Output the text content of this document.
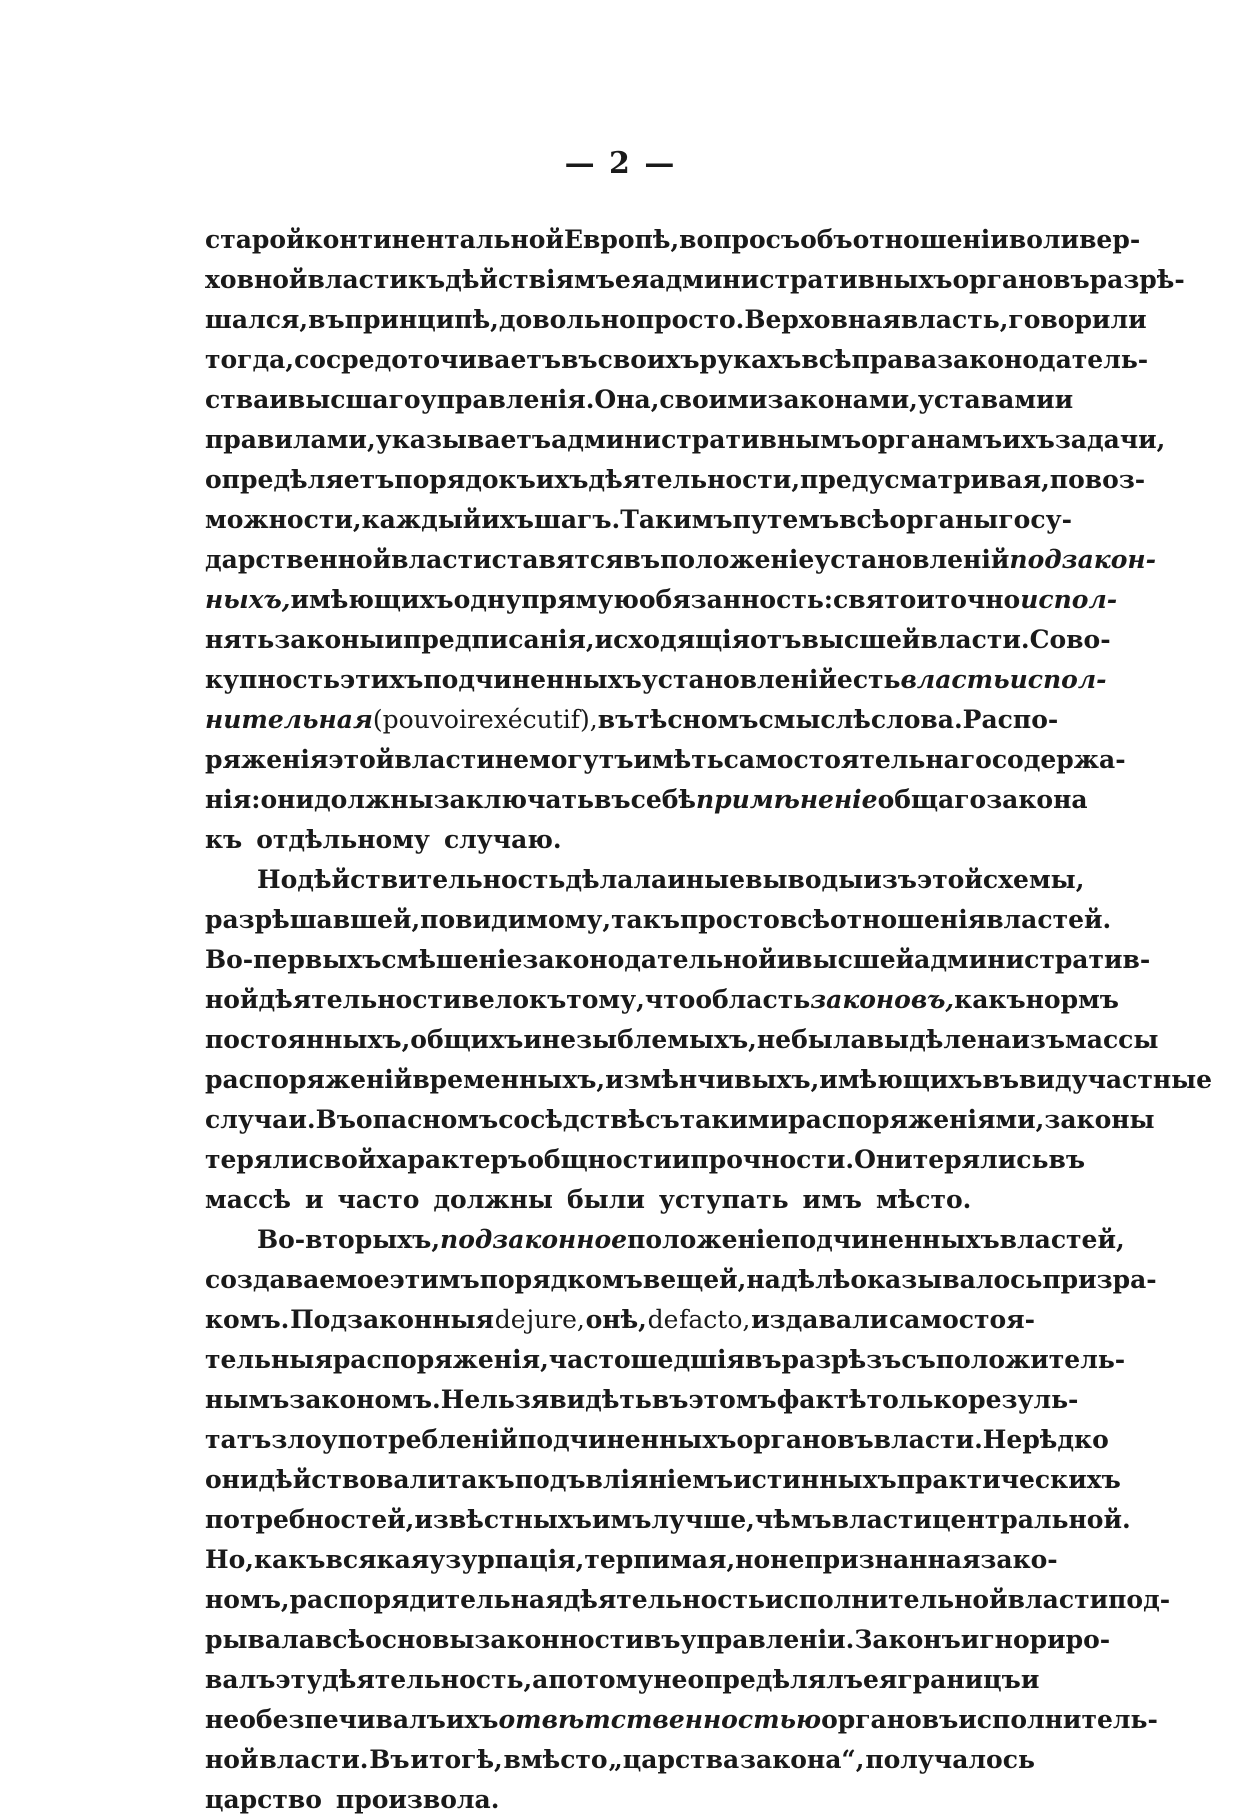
— 2 —
старой континентальной Европѣ, вопросъ объ отношеніи воли вер-
ховной власти къ дѣйствіямъ ея административныхъ органовъ разрѣ-
шался, въ принципѣ, довольно просто. Верховная власть, говорили
тогда, сосредоточиваетъ въ своихъ рукахъ всѣ права законодатель-
ства и высшаго управленія. Она, своими законами, уставами и
правилами, указываетъ административнымъ органамъ ихъ задачи,
опредѣляетъ порядокъ ихъ дѣятельности, предусматривая, по воз-
можности, каждый ихъ шагъ. Такимъ путемъ всѣ органы госу-
дарственной власти ставятся въ положеніе установленій подзакон-
ныхъ, имѣющихъ одну прямую обязанность: свято и точно испол-
нять законы и предписанія, исходящія отъ высшей власти. Сово-
купность этихъ подчиненныхъ установленій есть власть испол-
нительная (pouvoir exécutif), въ тѣсномъ смыслѣ слова. Распо-
ряженія этой власти не могутъ имѣть самостоятельнаго содержа-
нія: они должны заключать въ себѣ примѣненіе общаго закона
къ отдѣльному случаю.
Но дѣйствительность дѣлала иные выводы изъ этой схемы,
разрѣшавшей, повидимому, такъ просто всѣ отношенія властей.
Во-первыхъ смѣшеніе законодательной и высшей административ-
ной дѣятельности вело къ тому, что область законовъ, какъ нормъ
постоянныхъ, общихъ и незыблемыхъ, не была выдѣлена изъ массы
распоряженій временныхъ, измѣнчивыхъ, имѣющихъ въ виду частные
случаи. Въ опасномъ сосѣдствѣ съ такими распоряженіями, законы
теряли свой характеръ общности и прочности. Они терялись въ
массѣ и часто должны были уступать имъ мѣсто.
Во-вторыхъ, подзаконное положеніе подчиненныхъ властей,
создаваемое этимъ порядкомъ вещей, на дѣлѣ оказывалось призра-
комъ. Подзаконныя de jure, онѣ, de facto, издавали самостоя-
тельныя распоряженія, часто шедшія въ разрѣзъ съ положитель-
нымъ закономъ. Нельзя видѣть въ этомъ фактѣ только резуль-
татъ злоупотребленій подчиненныхъ органовъ власти. Нерѣдко
они дѣйствовали такъ подъ вліяніемъ истинныхъ практическихъ
потребностей, извѣстныхъ имъ лучше, чѣмъ власти центральной.
Но, какъ всякая узурпація, терпимая, но не признанная зако-
номъ, распорядительная дѣятельность исполнительной власти под-
рывала всѣ основы законности въ управленіи. Законъ игнориро-
валъ эту дѣятельность, а потому не опредѣлялъ ея границъ и
не обезпечивалъ ихъ отвѣтственностью органовъ исполнитель-
ной власти. Въ итогѣ, вмѣсто „царства закона“, получалось
царство произвола.
